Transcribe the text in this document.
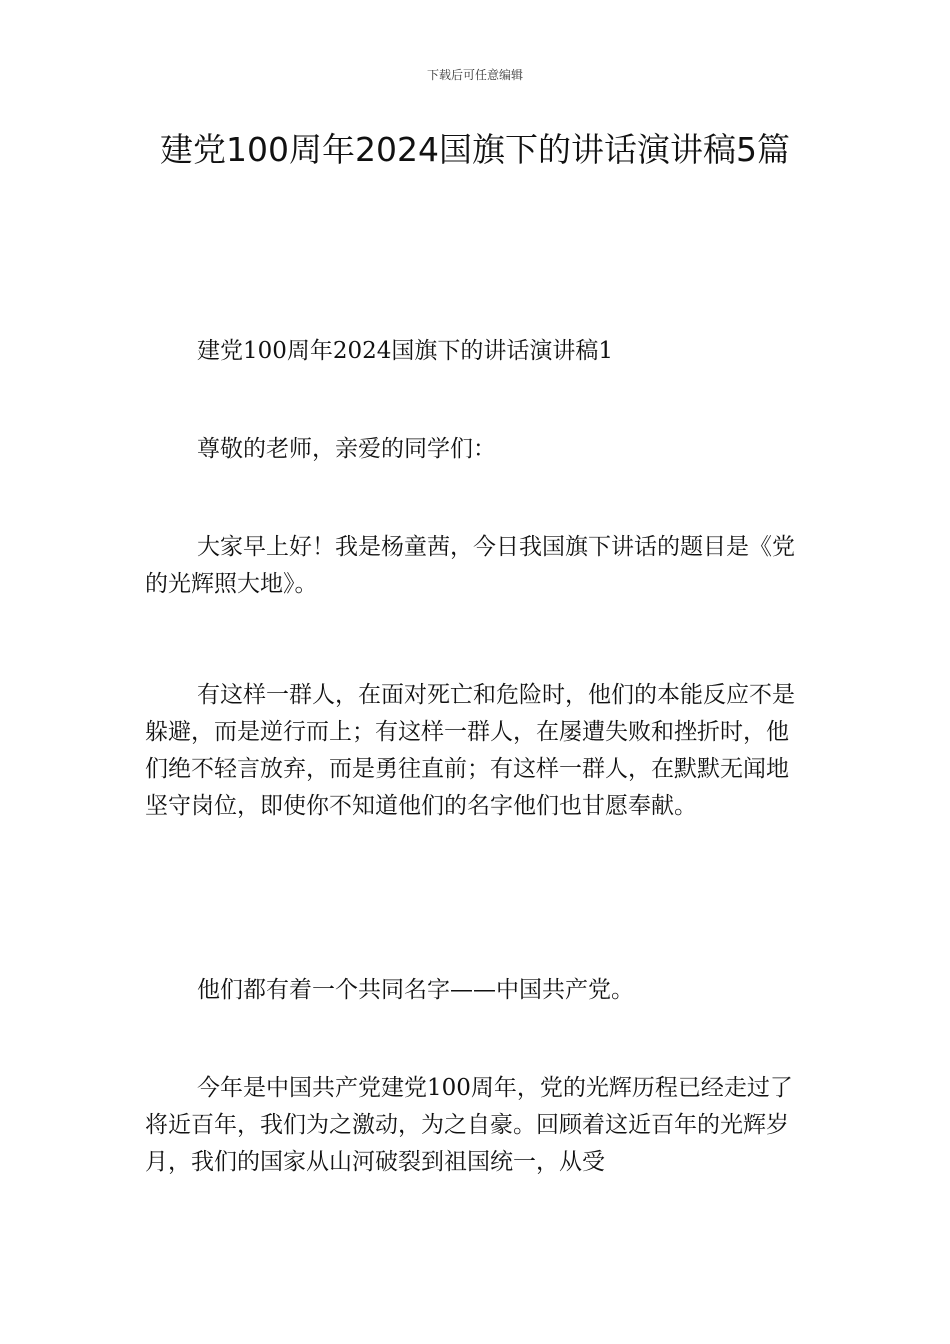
下载后可任意编辑
建党100周年2024国旗下的讲话演讲稿5篇

建党100周年2024国旗下的讲话演讲稿1

尊敬的老师，亲爱的同学们：

大家早上好！我是杨童茜，今日我国旗下讲话的题目是《党的光辉照大地》。

有这样一群人，在面对死亡和危险时，他们的本能反应不是躲避，而是逆行而上；有这样一群人，在屡遭失败和挫折时，他们绝不轻言放弃，而是勇往直前；有这样一群人，在默默无闻地坚守岗位，即使你不知道他们的名字他们也甘愿奉献。

他们都有着一个共同名字——中国共产党。

今年是中国共产党建党100周年，党的光辉历程已经走过了将近百年，我们为之激动，为之自豪。回顾着这近百年的光辉岁月，我们的国家从山河破裂到祖国统一，从受
